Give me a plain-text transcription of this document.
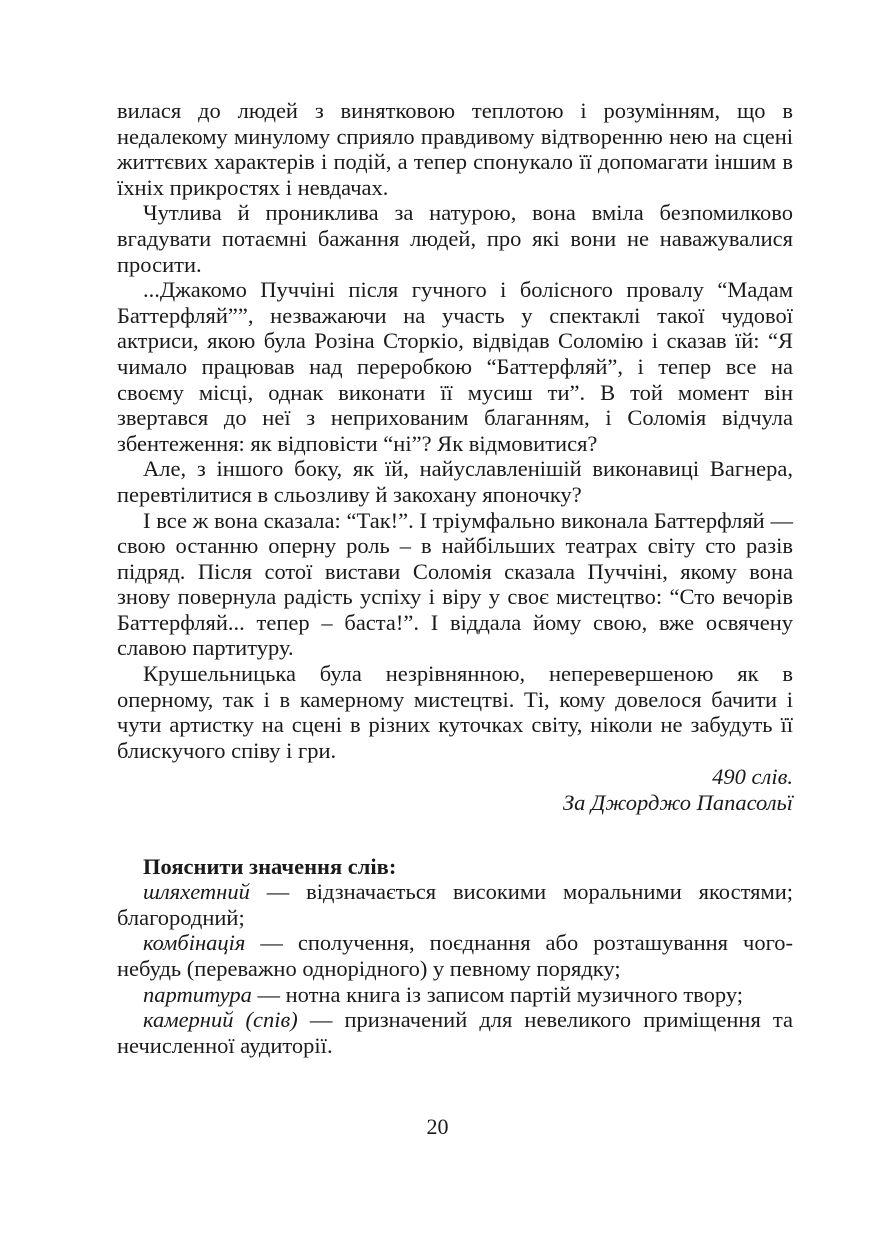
вилася до людей з винятковою теплотою і розумінням, що в недалекому минулому сприяло правдивому відтворенню нею на сцені життєвих характерів і подій, а тепер спонукало її допомагати іншим в їхніх прикростях і невдачах.

Чутлива й прониклива за натурою, вона вміла безпомилково вгадувати потаємні бажання людей, про які вони не наважувалися просити.

...Джакомо Пуччіні після гучного і болісного провалу “Мадам Баттерфляй””, незважаючи на участь у спектаклі такої чудової актриси, якою була Розіна Сторкіо, відвідав Соломію і сказав їй: “Я чимало працював над переробкою “Баттерфляй”, і тепер все на своєму місці, однак виконати її мусиш ти”. В той момент він звертався до неї з неприхованим благанням, і Соломія відчула збентеження: як відповісти “ні”? Як відмовитися?

Але, з іншого боку, як їй, найуславленішій виконавиці Вагнера, перевтілитися в сльозливу й закохану японочку?

І все ж вона сказала: “Так!”. І тріумфально виконала Баттерфляй — свою останню оперну роль – в найбільших театрах світу сто разів підряд. Після сотої вистави Соломія сказала Пуччіні, якому вона знову повернула радість успіху і віру у своє мистецтво: “Сто вечорів Баттерфляй... тепер – баста!”. І віддала йому свою, вже освячену славою партитуру.

Крушельницька була незрівнянною, неперевершеною як в оперному, так і в камерному мистецтві. Ті, кому довелося бачити і чути артистку на сцені в різних куточках світу, ніколи не забудуть її блискучого співу і гри.

490 слів.

За Джорджо Папасольї

Пояснити значення слів:

шляхетний — відзначається високими моральними якостями; благородний;

комбінація — сполучення, поєднання або розташування чого-небудь (переважно однорідного) у певному порядку;

партитура — нотна книга із записом партій музичного твору;

камерний (спів) — призначений для невеликого приміщення та нечисленної аудиторії.

20
